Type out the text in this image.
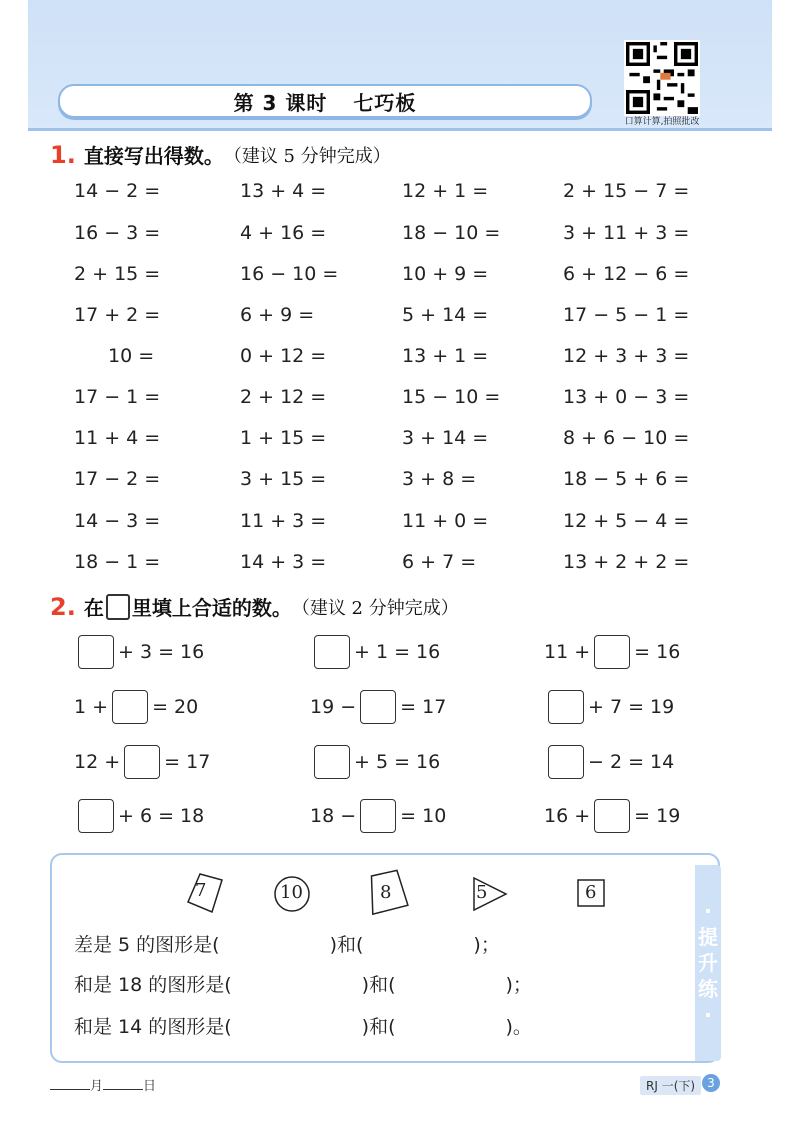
第 3 课时 七巧板
口算计算,拍照批改
1. 直接写出得数。 （建议 5 分钟完成）
14 − 2 =	13 + 4 =	12 + 1 =	2 + 15 − 7 =
16 − 3 =	4 + 16 =	18 − 10 =	3 + 11 + 3 =
2 + 15 =	16 − 10 =	10 + 9 =	6 + 12 − 6 =
17 + 2 =	6 + 9 =	5 + 14 =	17 − 5 − 1 =
10 =	0 + 12 =	13 + 1 =	12 + 3 + 3 =
17 − 1 =	2 + 12 =	15 − 10 =	13 + 0 − 3 =
11 + 4 =	1 + 15 =	3 + 14 =	8 + 6 − 10 =
17 − 2 =	3 + 15 =	3 + 8 =	18 − 5 + 6 =
14 − 3 =	11 + 3 =	11 + 0 =	12 + 5 − 4 =
18 − 1 =	14 + 3 =	6 + 7 =	13 + 2 + 2 =
2. 在 里填上合适的数。 （建议 2 分钟完成）
+ 3 = 16	+ 1 = 16	11 + = 16
1 + = 20	19 − = 17	+ 7 = 19
12 + = 17	+ 5 = 16	− 2 = 14
+ 6 = 18	18 − = 10	16 + = 19
·
提
升
练
·
7	10	8	5	6
差是 5 的图形是(	)和(	)；
和是 18 的图形是(	)和(	)；
和是 14 的图形是(	)和(	)。
月	日	RJ 一(下)	3
